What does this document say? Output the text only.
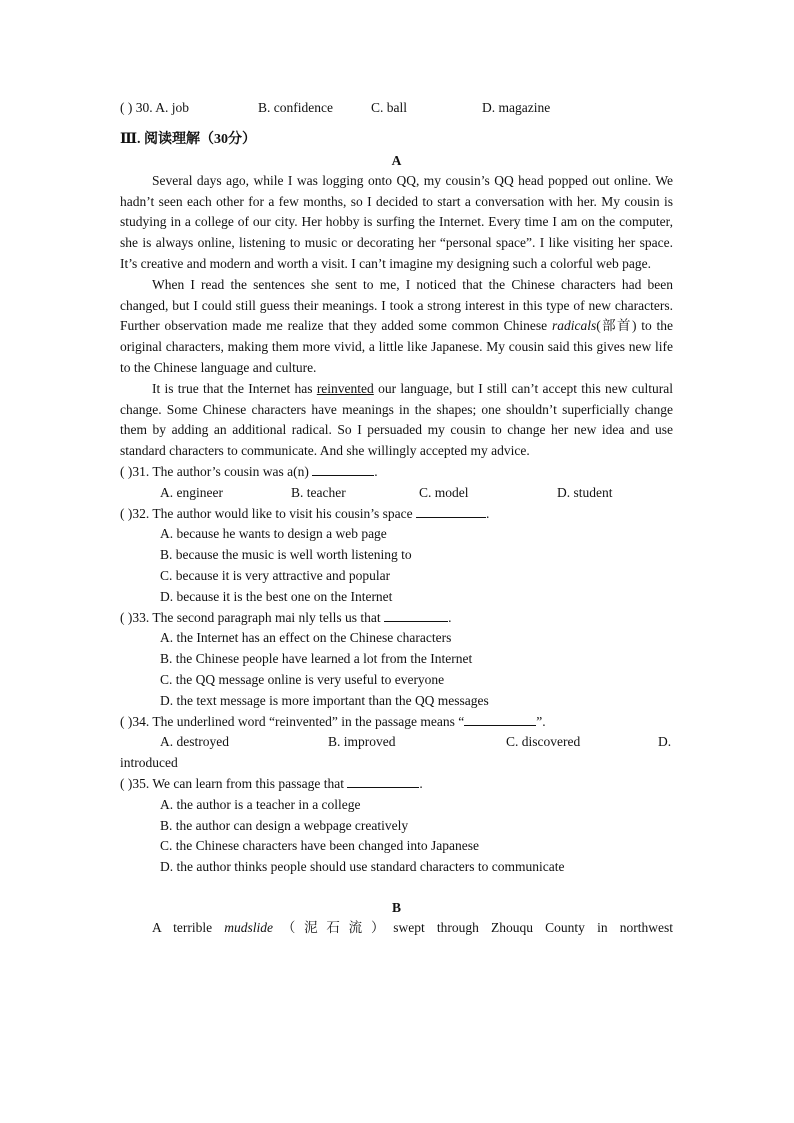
( ) 30. A. job	B. confidence	C. ball	D. magazine
Ⅲ. 阅读理解（30分）
A
Several days ago, while I was logging onto QQ, my cousin’s QQ head popped out online. We hadn’t seen each other for a few months, so I decided to start a conversation with her. My cousin is studying in a college of our city. Her hobby is surfing the Internet. Every time I am on the computer, she is always online, listening to music or decorating her “personal space”. I like visiting her space. It’s creative and modern and worth a visit. I can’t imagine my designing such a colorful web page.
When I read the sentences she sent to me, I noticed that the Chinese characters had been changed, but I could still guess their meanings. I took a strong interest in this type of new characters. Further observation made me realize that they added some common Chinese radicals(部首) to the original characters, making them more vivid, a little like Japanese. My cousin said this gives new life to the Chinese language and culture.
It is true that the Internet has reinvented our language, but I still can’t accept this new cultural change. Some Chinese characters have meanings in the shapes; one shouldn’t superficially change them by adding an additional radical. So I persuaded my cousin to change her new idea and use standard characters to communicate. And she willingly accepted my advice.
( )31. The author’s cousin was a(n)	.
A. engineer	B. teacher	C. model	D. student
( )32. The author would like to visit his cousin’s space	.
A. because he wants to design a web page
B. because the music is well worth listening to
C. because it is very attractive and popular
D. because it is the best one on the Internet
( )33. The second paragraph mai nly tells us that	.
A. the Internet has an effect on the Chinese characters
B. the Chinese people have learned a lot from the Internet
C. the QQ message online is very useful to everyone
D. the text message is more important than the QQ messages
( )34. The underlined word “reinvented” in the passage means “	”.
A. destroyed	B. improved	C. discovered	D.
introduced
( )35. We can learn from this passage that	.
A. the author is a teacher in a college
B. the author can design a webpage creatively
C. the Chinese characters have been changed into Japanese
D. the author thinks people should use standard characters to communicate
B
A terrible mudslide（泥石流）swept through Zhouqu County in northwest
